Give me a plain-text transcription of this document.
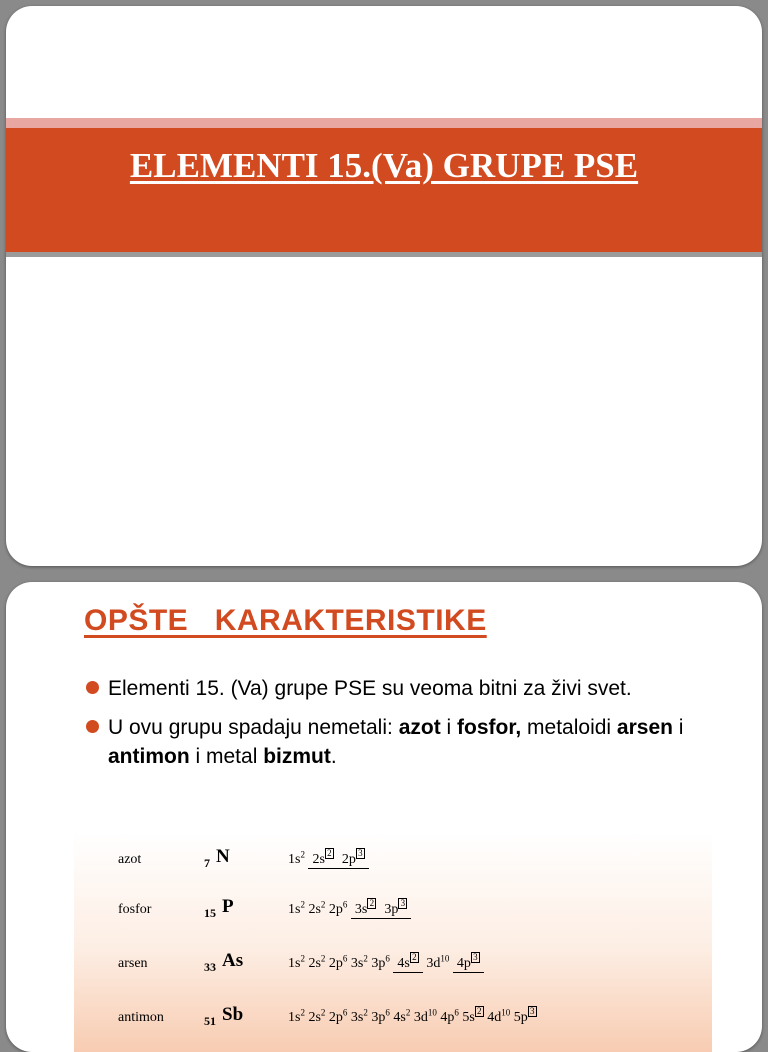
ELEMENTI 15.(Va) GRUPE PSE
OPŠTE   KARAKTERISTIKE
Elementi 15. (Va) grupe PSE su veoma bitni za živi svet.
U ovu grupu spadaju nemetali: azot i fosfor, metaloidi arsen i antimon i metal bizmut.
azot	$_7$ N	$1s^2$ 2s 2 2p 3
fosfor	$_{15}$ P	$1s^2$ $2s^2$ $2p^6$ 3s 2 3p 3
arsen	$_{33}$ As	$1s^2$ $2s^2$ $2p^6$ $3s^2$ $3p^6$ 4s 2 $3d^{10}$ 4p 3
antimon	$_{51}$ Sb	$1s^2$ $2s^2$ $2p^6$ $3s^2$ $3p^6$ $4s^2$ $3d^{10}$ $4p^6$ 5s 2 $4d^{10}$ 5p 3
